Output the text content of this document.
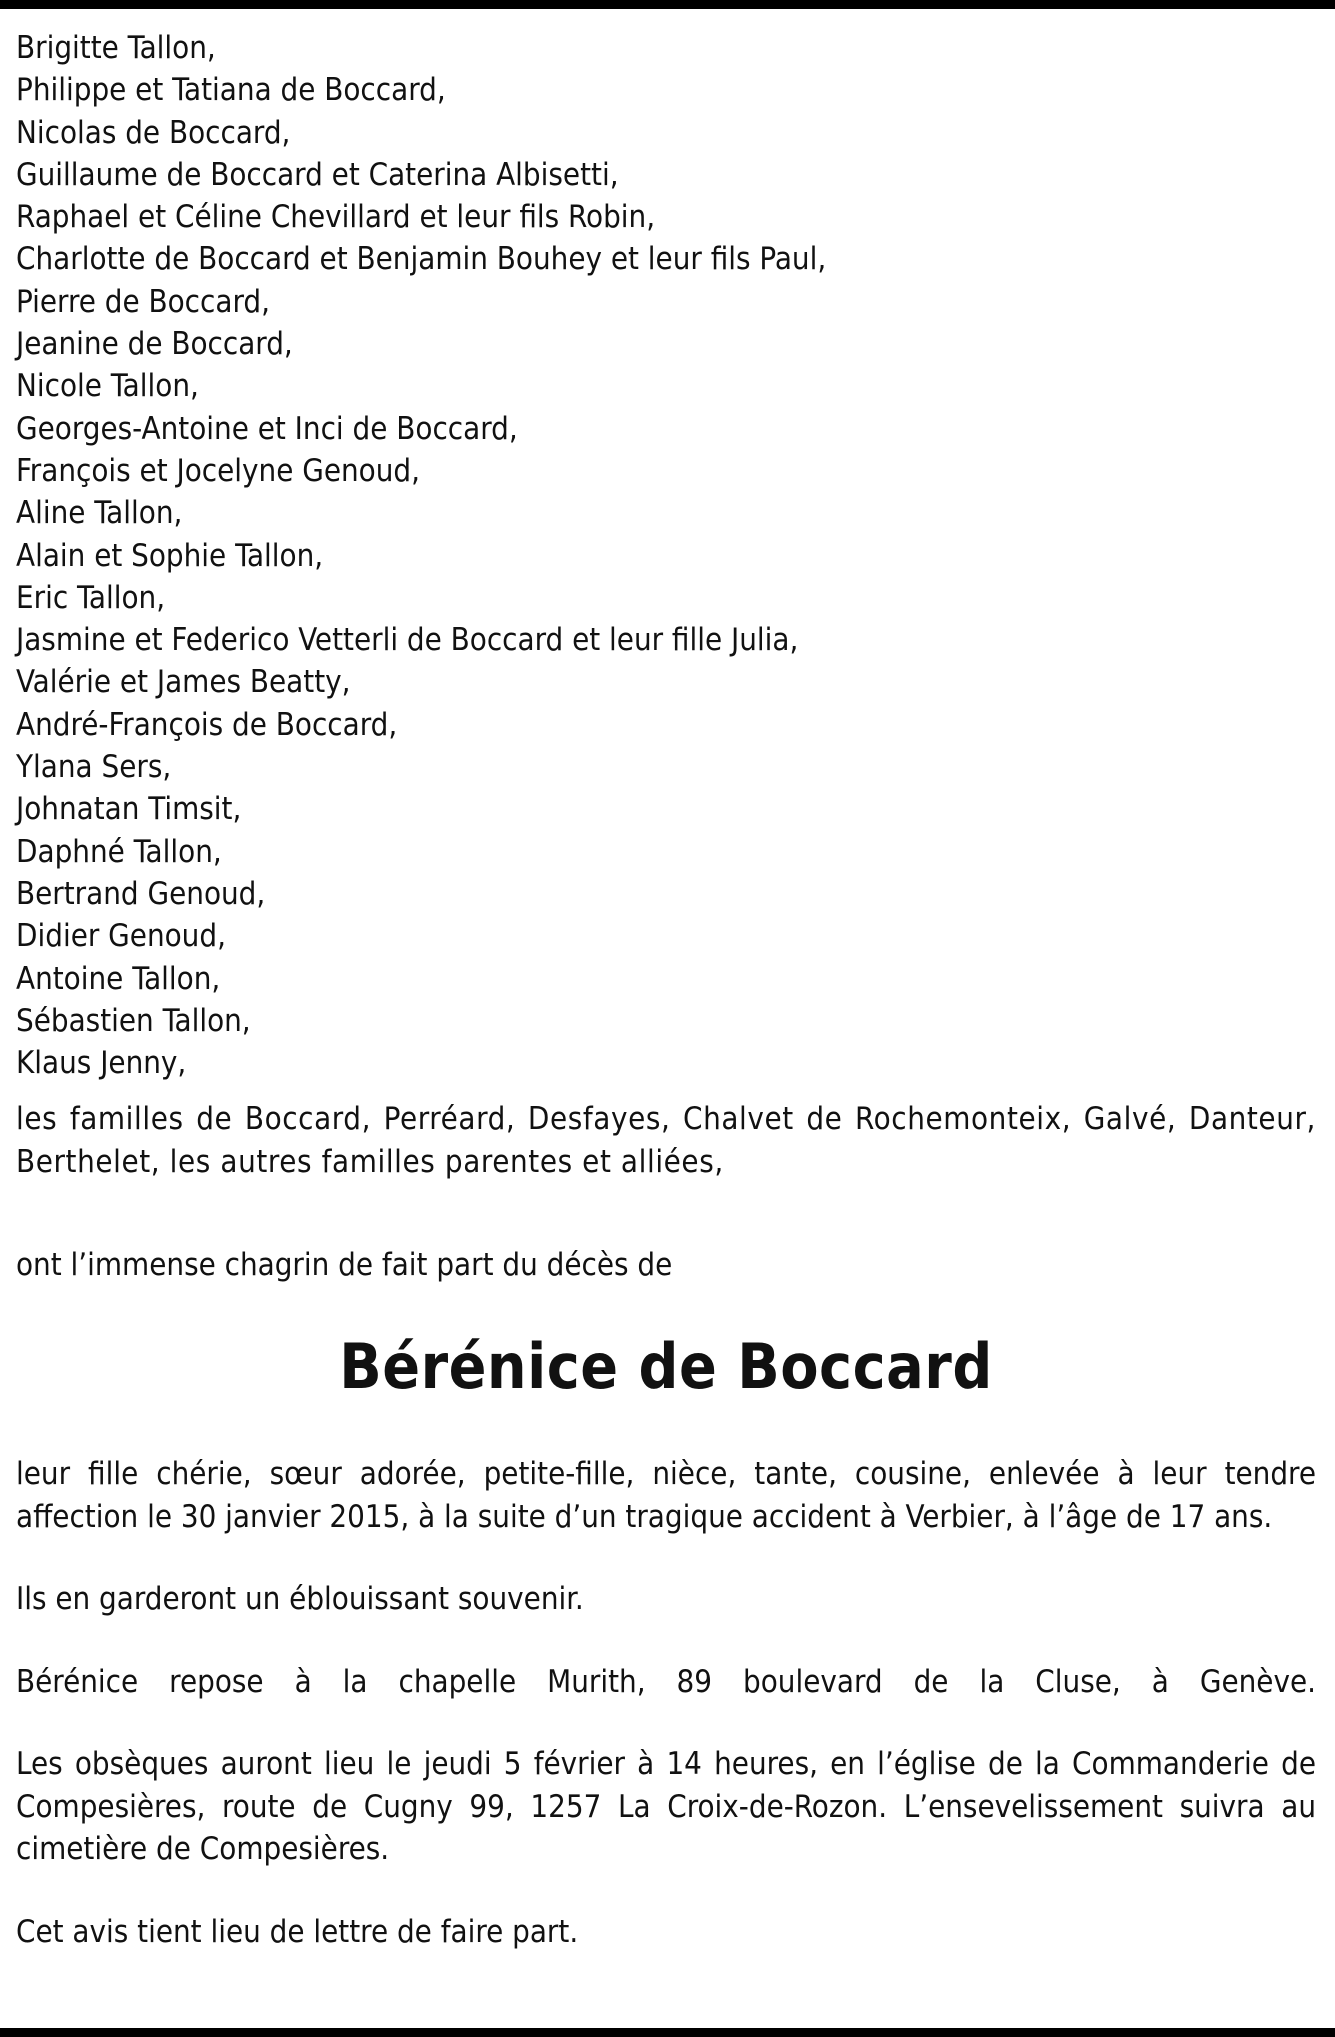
Brigitte Tallon,
Philippe et Tatiana de Boccard,
Nicolas de Boccard,
Guillaume de Boccard et Caterina Albisetti,
Raphael et Céline Chevillard et leur fils Robin,
Charlotte de Boccard et Benjamin Bouhey et leur fils Paul,
Pierre de Boccard,
Jeanine de Boccard,
Nicole Tallon,
Georges-Antoine et Inci de Boccard,
François et Jocelyne Genoud,
Aline Tallon,
Alain et Sophie Tallon,
Eric Tallon,
Jasmine et Federico Vetterli de Boccard et leur fille Julia,
Valérie et James Beatty,
André-François de Boccard,
Ylana Sers,
Johnatan Timsit,
Daphné Tallon,
Bertrand Genoud,
Didier Genoud,
Antoine Tallon,
Sébastien Tallon,
Klaus Jenny,

les familles de Boccard, Perréard, Desfayes, Chalvet de Rochemonteix, Galvé, Danteur, Berthelet, les autres familles parentes et alliées,

ont l’immense chagrin de fait part du décès de

Bérénice de Boccard

leur fille chérie, sœur adorée, petite-fille, nièce, tante, cousine, enlevée à leur tendre affection le 30 janvier 2015, à la suite d’un tragique accident à Verbier, à l’âge de 17 ans.

Ils en garderont un éblouissant souvenir.

Bérénice repose à la chapelle Murith, 89 boulevard de la Cluse, à Genève.

Les obsèques auront lieu le jeudi 5 février à 14 heures, en l’église de la Commanderie de Compesières, route de Cugny 99, 1257 La Croix-de-Rozon. L’ensevelissement suivra au cimetière de Compesières.

Cet avis tient lieu de lettre de faire part.
